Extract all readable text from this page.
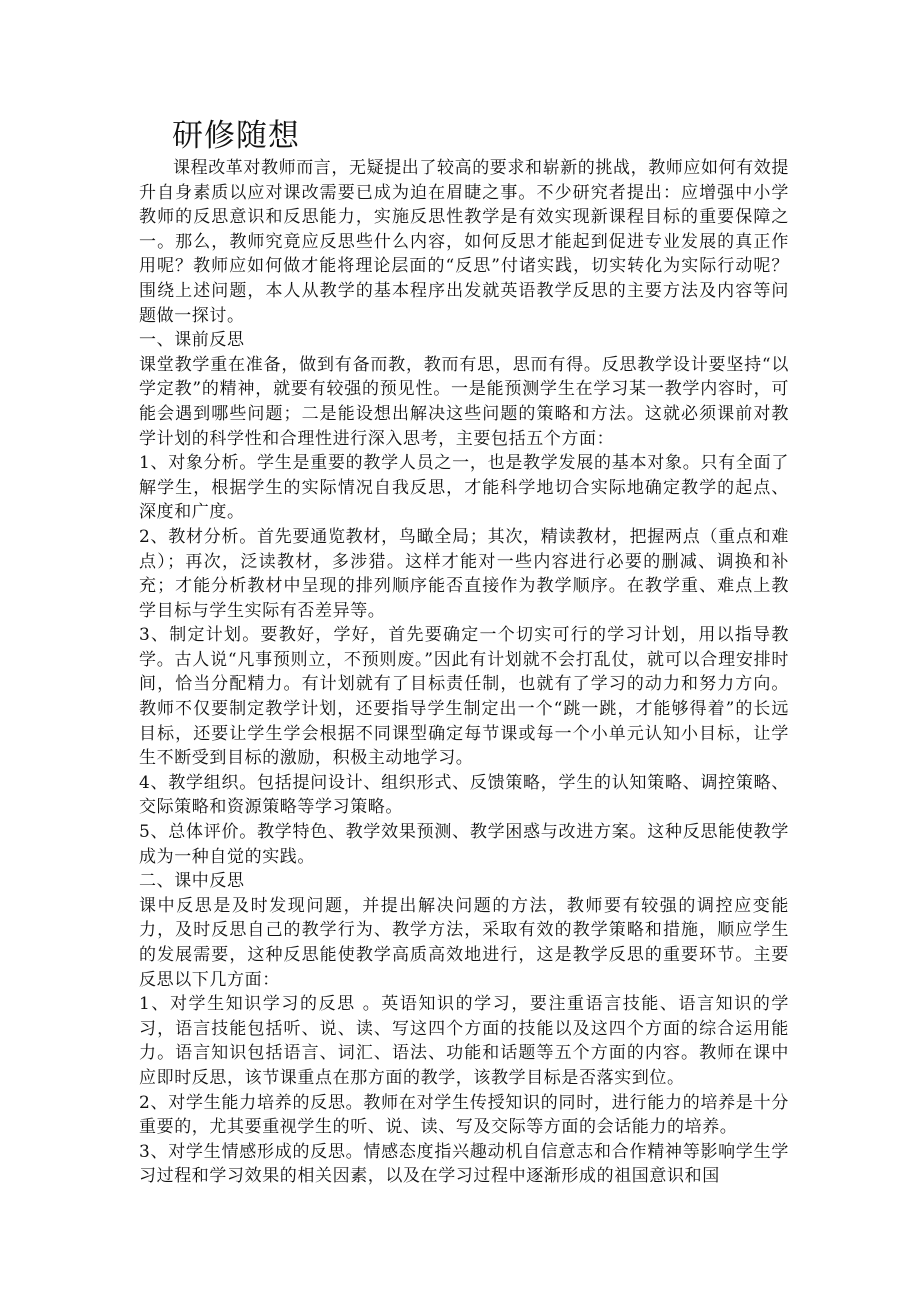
研修随想

课程改革对教师而言，无疑提出了较高的要求和崭新的挑战，教师应如何有效提升自身素质以应对课改需要已成为迫在眉睫之事。不少研究者提出：应增强中小学教师的反思意识和反思能力，实施反思性教学是有效实现新课程目标的重要保障之一。那么，教师究竟应反思些什么内容，如何反思才能起到促进专业发展的真正作用呢？教师应如何做才能将理论层面的“反思”付诸实践，切实转化为实际行动呢？围绕上述问题，本人从教学的基本程序出发就英语教学反思的主要方法及内容等问题做一探讨。

一、课前反思

课堂教学重在准备，做到有备而教，教而有思，思而有得。反思教学设计要坚持“以学定教”的精神，就要有较强的预见性。一是能预测学生在学习某一教学内容时，可能会遇到哪些问题；二是能设想出解决这些问题的策略和方法。这就必须课前对教学计划的科学性和合理性进行深入思考，主要包括五个方面：

1、对象分析。学生是重要的教学人员之一，也是教学发展的基本对象。只有全面了解学生，根据学生的实际情况自我反思，才能科学地切合实际地确定教学的起点、深度和广度。

2、教材分析。首先要通览教材，鸟瞰全局；其次，精读教材，把握两点（重点和难点）；再次，泛读教材，多涉猎。这样才能对一些内容进行必要的删减、调换和补充；才能分析教材中呈现的排列顺序能否直接作为教学顺序。在教学重、难点上教学目标与学生实际有否差异等。

3、制定计划。要教好，学好，首先要确定一个切实可行的学习计划，用以指导教学。古人说“凡事预则立，不预则废。”因此有计划就不会打乱仗，就可以合理安排时间，恰当分配精力。有计划就有了目标责任制，也就有了学习的动力和努力方向。教师不仅要制定教学计划，还要指导学生制定出一个“跳一跳，才能够得着”的长远目标，还要让学生学会根据不同课型确定每节课或每一个小单元认知小目标，让学生不断受到目标的激励，积极主动地学习。

4、教学组织。包括提问设计、组织形式、反馈策略，学生的认知策略、调控策略、交际策略和资源策略等学习策略。

5、总体评价。教学特色、教学效果预测、教学困惑与改进方案。这种反思能使教学成为一种自觉的实践。

二、课中反思

课中反思是及时发现问题，并提出解决问题的方法，教师要有较强的调控应变能力，及时反思自己的教学行为、教学方法，采取有效的教学策略和措施，顺应学生的发展需要，这种反思能使教学高质高效地进行，这是教学反思的重要环节。主要反思以下几方面：

1、对学生知识学习的反思 。英语知识的学习，要注重语言技能、语言知识的学习，语言技能包括听、说、读、写这四个方面的技能以及这四个方面的综合运用能力。语言知识包括语言、词汇、语法、功能和话题等五个方面的内容。教师在课中应即时反思，该节课重点在那方面的教学，该教学目标是否落实到位。

2、对学生能力培养的反思。教师在对学生传授知识的同时，进行能力的培养是十分重要的，尤其要重视学生的听、说、读、写及交际等方面的会话能力的培养。

3、对学生情感形成的反思。情感态度指兴趣动机自信意志和合作精神等影响学生学习过程和学习效果的相关因素，以及在学习过程中逐渐形成的祖国意识和国
